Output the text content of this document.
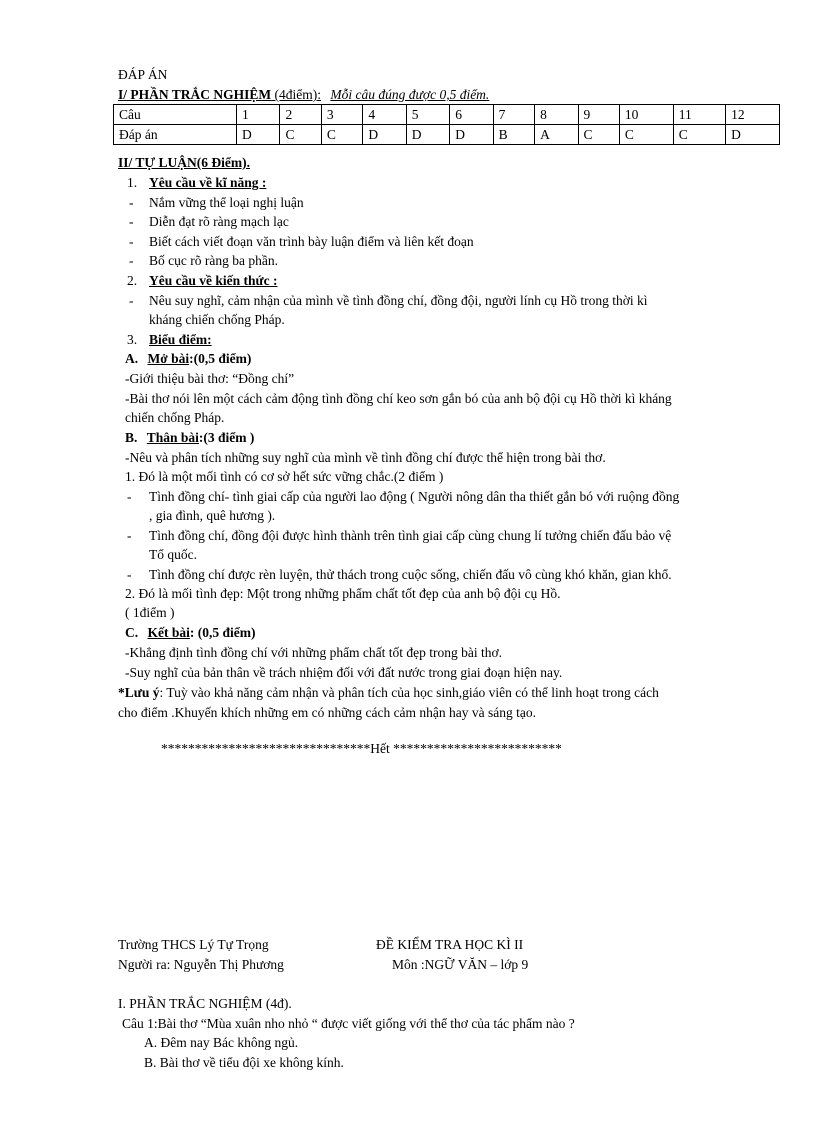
ĐÁP ÁN
I/ PHẦN TRẮC NGHIỆM (4điểm): Mỗi câu đúng được 0,5 điểm.
Câu	1	2	3	4	5	6	7	8	9	10	11	12
Đáp án	D	C	C	D	D	D	B	A	C	C	C	D
II/ TỰ LUẬN(6 Điểm).
1. Yêu cầu về kĩ năng :
- Nắm vững thể loại nghị luận
- Diễn đạt rõ ràng mạch lạc
- Biết cách viết đoạn văn trình bày luận điểm và liên kết đoạn
- Bố cục rõ ràng ba phần.
2. Yêu cầu về kiến thức :
- Nêu suy nghĩ, cảm nhận của mình về tình đồng chí, đồng đội, người lính cụ Hồ trong thời kì
kháng chiến chống Pháp.
3. Biểu điểm:
A. Mở bài:(0,5 điểm)
-Giới thiệu bài thơ: “Đồng chí”
-Bài thơ nói lên một cách cảm động tình đồng chí keo sơn gắn bó của anh bộ đội cụ Hồ thời kì kháng
chiến chống Pháp.
B. Thân bài:(3 điểm )
-Nêu và phân tích những suy nghĩ của mình về tình đồng chí được thể hiện trong bài thơ.
1. Đó là một mối tình có cơ sở hết sức vững chắc.(2 điểm )
- Tình đồng chí- tình giai cấp của người lao động ( Người nông dân tha thiết gắn bó với ruộng đồng
, gia đình, quê hương ).
- Tình đồng chí, đồng đội được hình thành trên tình giai cấp cùng chung lí tưởng chiến đấu bảo vệ
Tổ quốc.
- Tình đồng chí được rèn luyện, thử thách trong cuộc sống, chiến đấu vô cùng khó khăn, gian khổ.
2. Đó là mối tình đẹp: Một trong những phẩm chất tốt đẹp của anh bộ đội cụ Hồ.
( 1điểm )
C. Kết bài: (0,5 điểm)
-Khẳng định tình đồng chí với những phẩm chất tốt đẹp trong bài thơ.
-Suy nghĩ của bản thân về trách nhiệm đối với đất nước trong giai đoạn hiện nay.
*Lưu ý: Tuỳ vào khả năng cảm nhận và phân tích của học sinh,giáo viên có thể linh hoạt trong cách
cho điểm .Khuyến khích những em có những cách cảm nhận hay và sáng tạo.
*******************************Hết *************************
Trường THCS Lý Tự Trọng	ĐỀ KIỂM TRA HỌC KÌ II
Người ra: Nguyễn Thị Phương	Môn :NGỮ VĂN – lớp 9
I. PHẦN TRẮC NGHIỆM (4đ).
Câu 1:Bài thơ “Mùa xuân nho nhỏ “ được viết giống với thể thơ của tác phẩm nào ?
A. Đêm nay Bác không ngủ.
B. Bài thơ về tiểu đội xe không kính.
